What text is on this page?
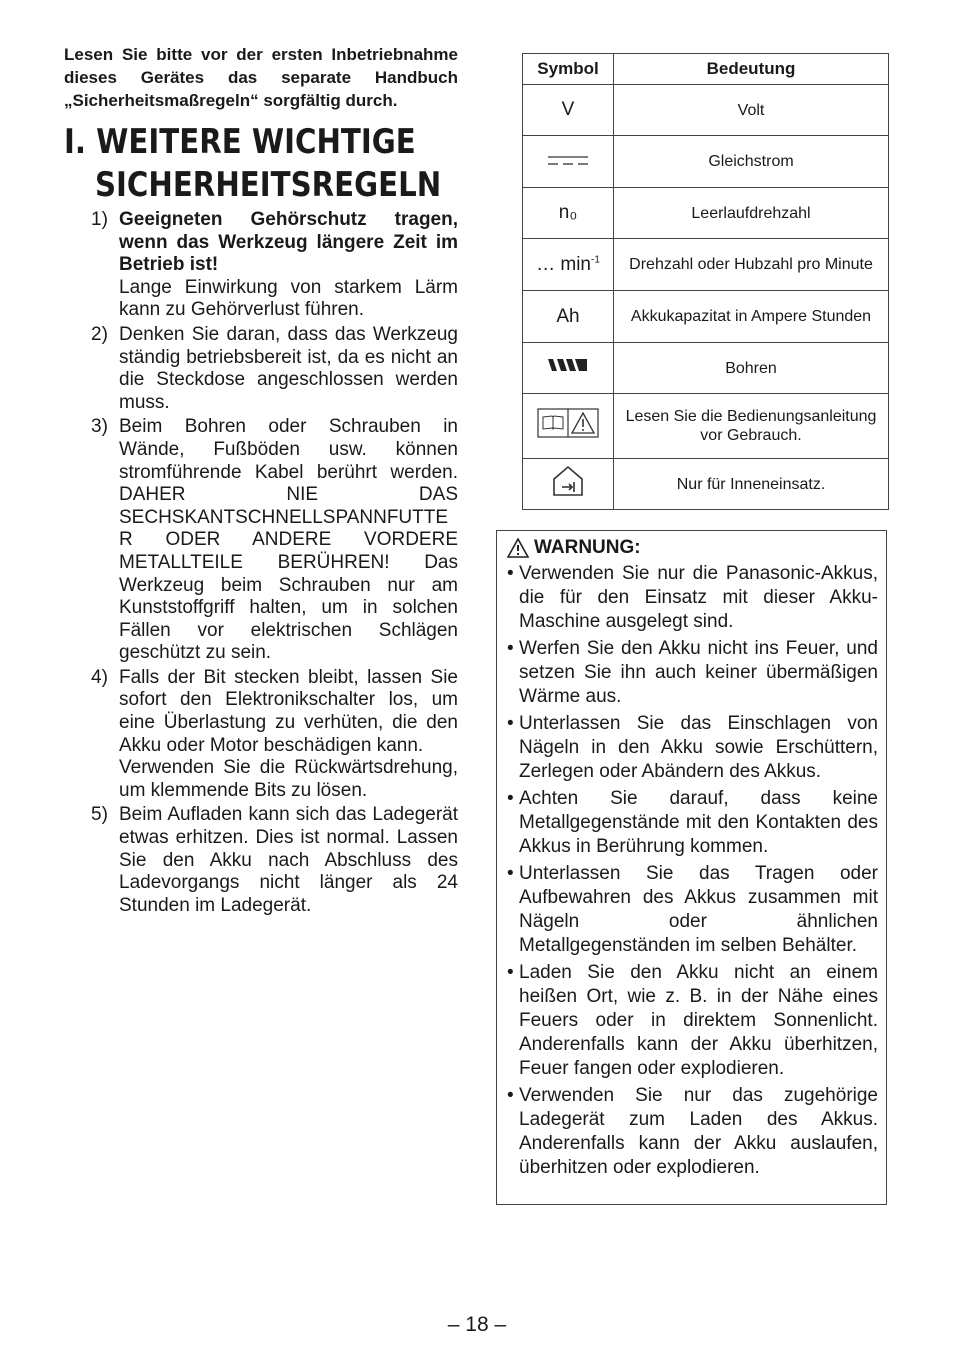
Lesen Sie bitte vor der ersten Inbetriebnahme dieses Gerätes das separate Handbuch „Sicherheitsmaßregeln“ sorgfältig durch.

I. WEITERE WICHTIGE
SICHERHEITSREGELN
1) Geeigneten Gehörschutz tragen, wenn das Werkzeug längere Zeit im Betrieb ist!

Lange Einwirkung von starkem Lärm kann zu Gehörverlust führen.

2) Denken Sie daran, dass das Werkzeug ständig betriebsbereit ist, da es nicht an die Steckdose angeschlossen werden muss.

3) Beim Bohren oder Schrauben in Wände, Fußböden usw. können stromführende Kabel berührt werden. DAHER NIE DAS SECHSKANTSCHNELLSPANNFUTTER ODER ANDERE VORDERE METALLTEILE BERÜHREN! Das Werkzeug beim Schrauben nur am Kunststoffgriff halten, um in solchen Fällen vor elektrischen Schlägen geschützt zu sein.

4) Falls der Bit stecken bleibt, lassen Sie sofort den Elektronikschalter los, um eine Überlastung zu verhüten, die den Akku oder Motor beschädigen kann.

Verwenden Sie die Rückwärtsdrehung, um klemmende Bits zu lösen.

5) Beim Aufladen kann sich das Ladegerät etwas erhitzen. Dies ist normal. Lassen Sie den Akku nach Abschluss des Ladevorgangs nicht länger als 24 Stunden im Ladegerät.

Symbol	Bedeutung
V	Volt
	Gleichstrom
n₀	Leerlaufdrehzahl
… $\min^{-1}$	Drehzahl oder Hubzahl pro Minute
Ah	Akkukapazitat in Ampere Stunden
	Bohren
	Lesen Sie die Bedienungsanleitung vor Gebrauch.
	Nur für Inneneinsatz.
WARNUNG:
• Verwenden Sie nur die Panasonic-Akkus, die für den Einsatz mit dieser Akku-Maschine ausgelegt sind.
• Werfen Sie den Akku nicht ins Feuer, und setzen Sie ihn auch keiner übermäßigen Wärme aus.
• Unterlassen Sie das Einschlagen von Nägeln in den Akku sowie Erschüttern, Zerlegen oder Abändern des Akkus.
• Achten Sie darauf, dass keine Metallgegenstände mit den Kontakten des Akkus in Berührung kommen.
• Unterlassen Sie das Tragen oder Aufbewahren des Akkus zusammen mit Nägeln oder ähnlichen Metallgegenständen im selben Behälter.
• Laden Sie den Akku nicht an einem heißen Ort, wie z. B. in der Nähe eines Feuers oder in direktem Sonnenlicht. Anderenfalls kann der Akku überhitzen, Feuer fangen oder explodieren.
• Verwenden Sie nur das zugehörige Ladegerät zum Laden des Akkus. Anderenfalls kann der Akku auslaufen, überhitzen oder explodieren.
– 18 –
